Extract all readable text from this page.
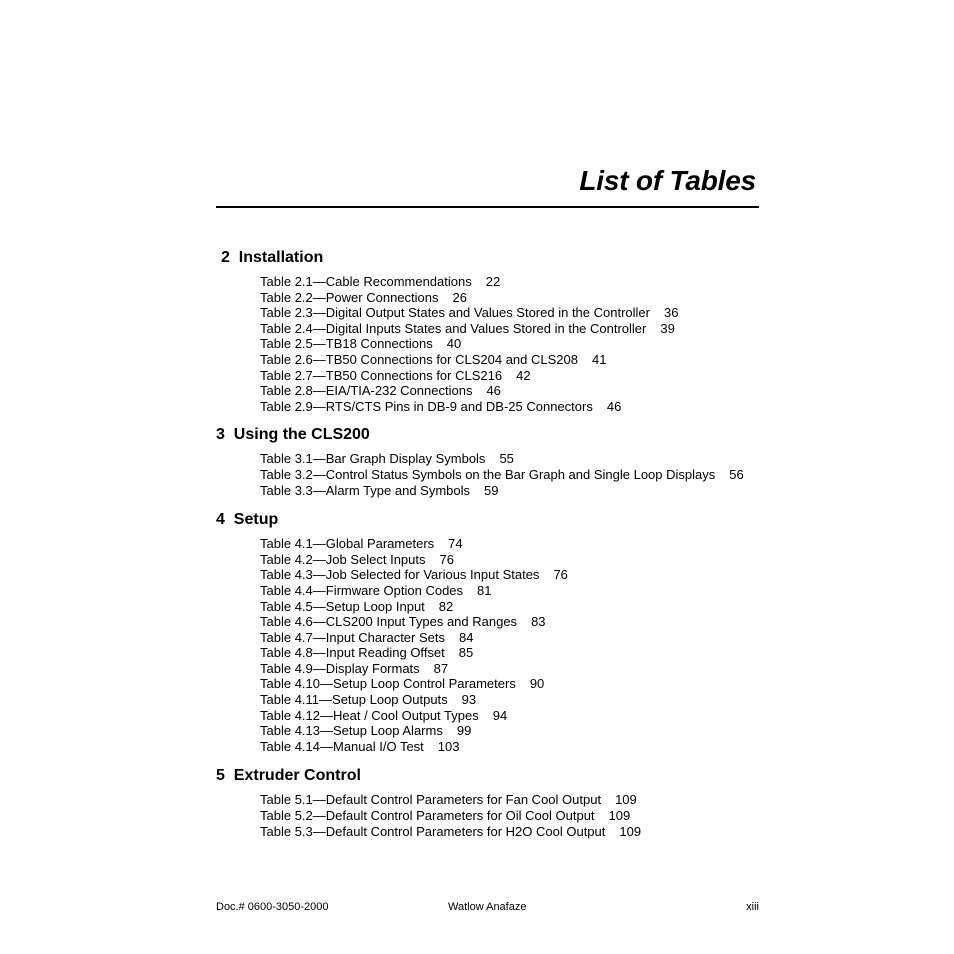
List of Tables
2 Installation
Table 2.1—Cable Recommendations 22
Table 2.2—Power Connections 26
Table 2.3—Digital Output States and Values Stored in the Controller 36
Table 2.4—Digital Inputs States and Values Stored in the Controller 39
Table 2.5—TB18 Connections 40
Table 2.6—TB50 Connections for CLS204 and CLS208 41
Table 2.7—TB50 Connections for CLS216 42
Table 2.8—EIA/TIA-232 Connections 46
Table 2.9—RTS/CTS Pins in DB-9 and DB-25 Connectors 46
3 Using the CLS200
Table 3.1—Bar Graph Display Symbols 55
Table 3.2—Control Status Symbols on the Bar Graph and Single Loop Displays 56
Table 3.3—Alarm Type and Symbols 59
4 Setup
Table 4.1—Global Parameters 74
Table 4.2—Job Select Inputs 76
Table 4.3—Job Selected for Various Input States 76
Table 4.4—Firmware Option Codes 81
Table 4.5—Setup Loop Input 82
Table 4.6—CLS200 Input Types and Ranges 83
Table 4.7—Input Character Sets 84
Table 4.8—Input Reading Offset 85
Table 4.9—Display Formats 87
Table 4.10—Setup Loop Control Parameters 90
Table 4.11—Setup Loop Outputs 93
Table 4.12—Heat / Cool Output Types 94
Table 4.13—Setup Loop Alarms 99
Table 4.14—Manual I/O Test 103
5 Extruder Control
Table 5.1—Default Control Parameters for Fan Cool Output 109
Table 5.2—Default Control Parameters for Oil Cool Output 109
Table 5.3—Default Control Parameters for H2O Cool Output 109
Doc.# 0600-3050-2000	Watlow Anafaze	xiii
